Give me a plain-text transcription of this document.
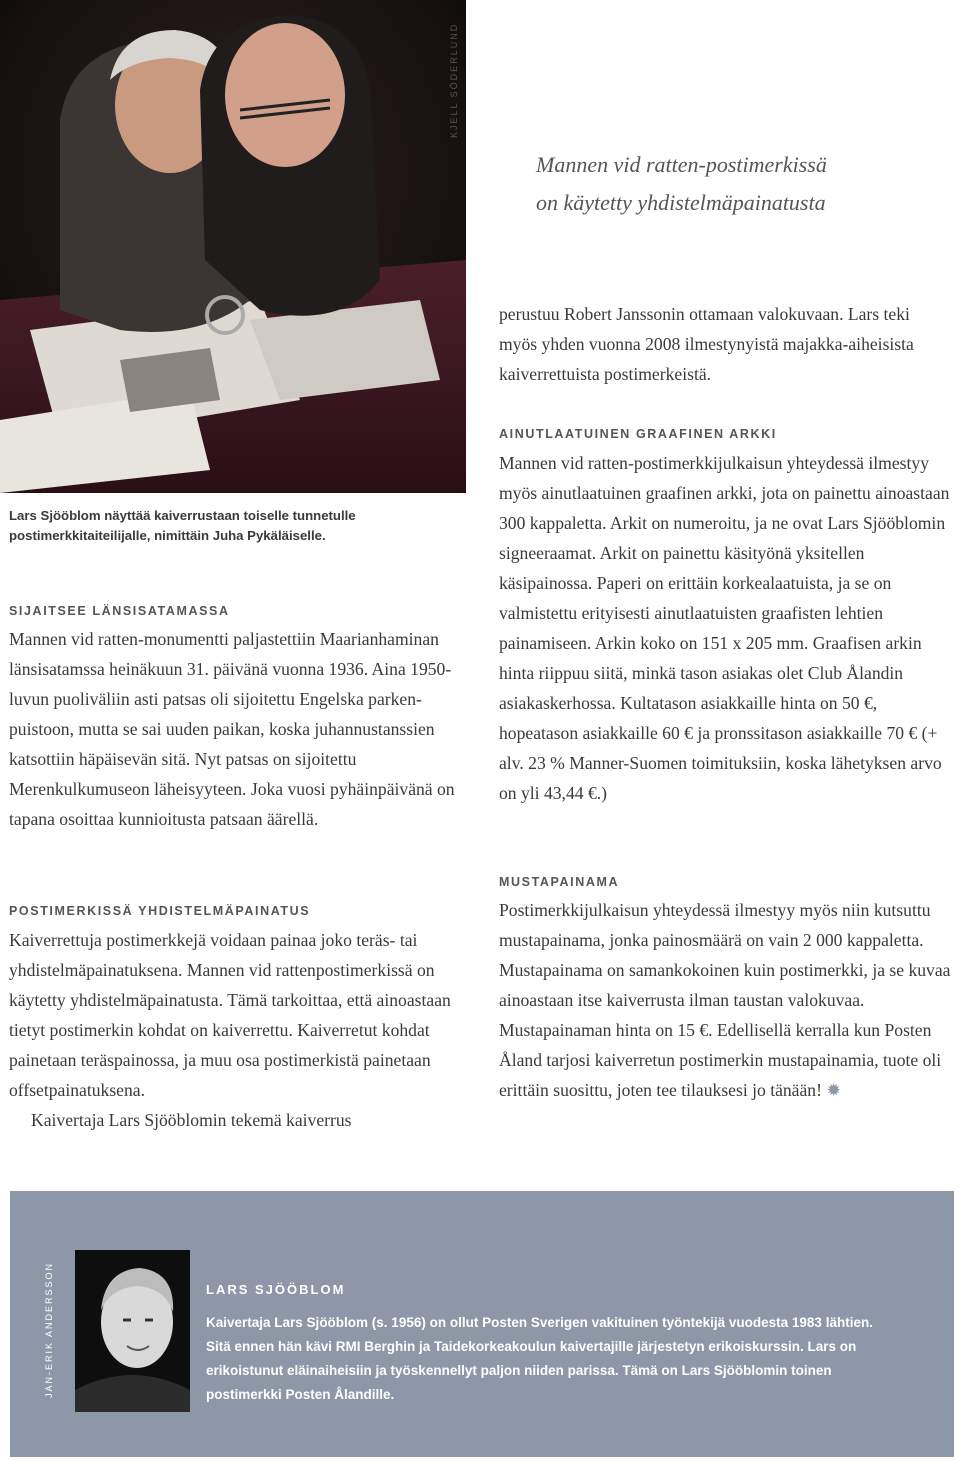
KJELL SÖDERLUND
Lars Sjööblom näyttää kaiverrustaan toiselle tunnetulle postimerkkitaiteilijalle, nimittäin Juha Pykäläiselle.
Mannen vid ratten-postimerkissä
on käytetty yhdistelmäpainatusta
SIJAITSEE LÄNSISATAMASSA

Mannen vid ratten-monumentti paljastettiin Maarianhaminan länsisatamssa heinäkuun 31. päivänä vuonna 1936. Aina 1950-luvun puoliväliin asti patsas oli sijoitettu Engelska parken-puistoon, mutta se sai uuden paikan, koska juhannustanssien katsottiin häpäisevän sitä. Nyt patsas on sijoitettu Merenkulkumuseon läheisyyteen. Joka vuosi pyhäinpäivänä on tapana osoittaa kunnioitusta patsaan äärellä.

POSTIMERKISSÄ YHDISTELMÄPAINATUS

Kaiverrettuja postimerkkejä voidaan painaa joko teräs- tai yhdistelmäpainatuksena. Mannen vid rattenpostimerkissä on käytetty yhdistelmäpainatusta. Tämä tarkoittaa, että ainoastaan tietyt postimerkin kohdat on kaiverrettu. Kaiverretut kohdat painetaan teräspainossa, ja muu osa postimerkistä painetaan offsetpainatuksena.

Kaivertaja Lars Sjööblomin tekemä kaiverrus

perustuu Robert Janssonin ottamaan valokuvaan. Lars teki myös yhden vuonna 2008 ilmestynyistä majakka-aiheisista kaiverrettuista postimerkeistä.

AINUTLAATUINEN GRAAFINEN ARKKI

Mannen vid ratten-postimerkkijulkaisun yhteydessä ilmestyy myös ainutlaatuinen graafinen arkki, jota on painettu ainoastaan 300 kappaletta. Arkit on numeroitu, ja ne ovat Lars Sjööblomin signeeraamat. Arkit on painettu käsityönä yksitellen käsipainossa. Paperi on erittäin korkealaatuista, ja se on valmistettu erityisesti ainutlaatuisten graafisten lehtien painamiseen. Arkin koko on 151 x 205 mm. Graafisen arkin hinta riippuu siitä, minkä tason asiakas olet Club Ålandin asiakaskerhossa. Kultatason asiakkaille hinta on 50 €, hopeatason asiakkaille 60 € ja pronssitason asiakkaille 70 € (+ alv. 23 % Manner-Suomen toimituksiin, koska lähetyksen arvo on yli 43,44 €.)

MUSTAPAINAMA

Postimerkkijulkaisun yhteydessä ilmestyy myös niin kutsuttu mustapainama, jonka painosmäärä on vain 2 000 kappaletta. Mustapainama on samankokoinen kuin postimerkki, ja se kuvaa ainoastaan itse kaiverrusta ilman taustan valokuvaa. Mustapainaman hinta on 15 €. Edellisellä kerralla kun Posten Åland tarjosi kaiverretun postimerkin mustapainamia, tuote oli erittäin suosittu, joten tee tilauksesi jo tänään! ✹

JAN-ERIK ANDERSSON	LARS SJÖÖBLOM
Kaivertaja Lars Sjööblom (s. 1956) on ollut Posten Sverigen vakituinen työntekijä vuodesta 1983 lähtien. Sitä ennen hän kävi RMI Berghin ja Taidekorkeakoulun kaivertajille järjestetyn erikoiskurssin. Lars on erikoistunut eläinaiheisiin ja työskennellyt paljon niiden parissa. Tämä on Lars Sjööblomin toinen postimerkki Posten Ålandille.
